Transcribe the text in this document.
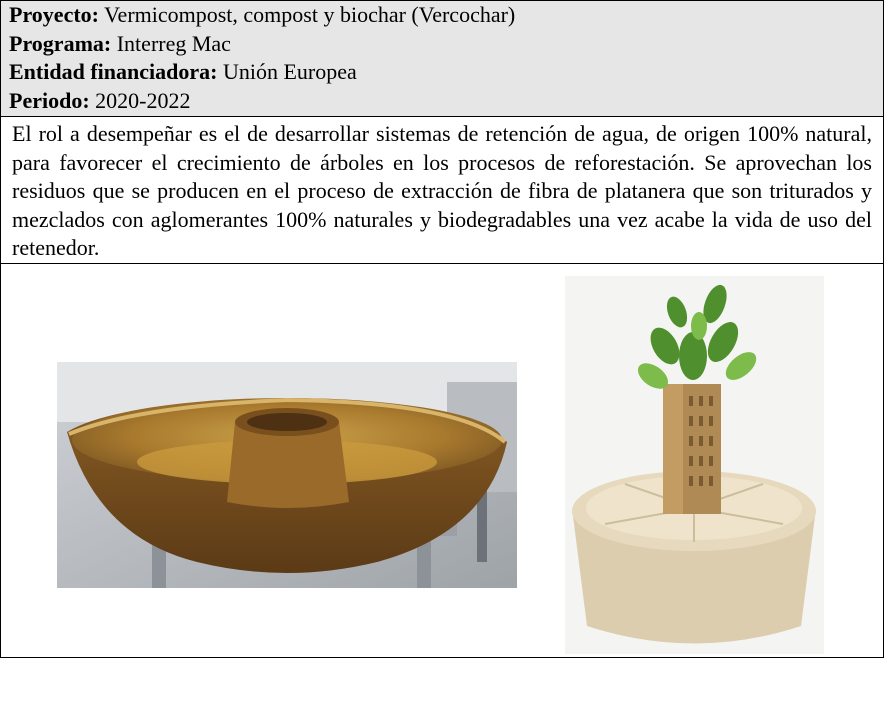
Proyecto: Vermicompost, compost y biochar (Vercochar)
Programa: Interreg Mac
Entidad financiadora: Unión Europea
Periodo: 2020-2022

El rol a desempeñar es el de desarrollar sistemas de retención de agua, de origen 100% natural, para favorecer el crecimiento de árboles en los procesos de reforestación. Se aprovechan los residuos que se producen en el proceso de extracción de fibra de platanera que son triturados y mezclados con aglomerantes 100% naturales y biodegradables una vez acabe la vida de uso del retenedor.
